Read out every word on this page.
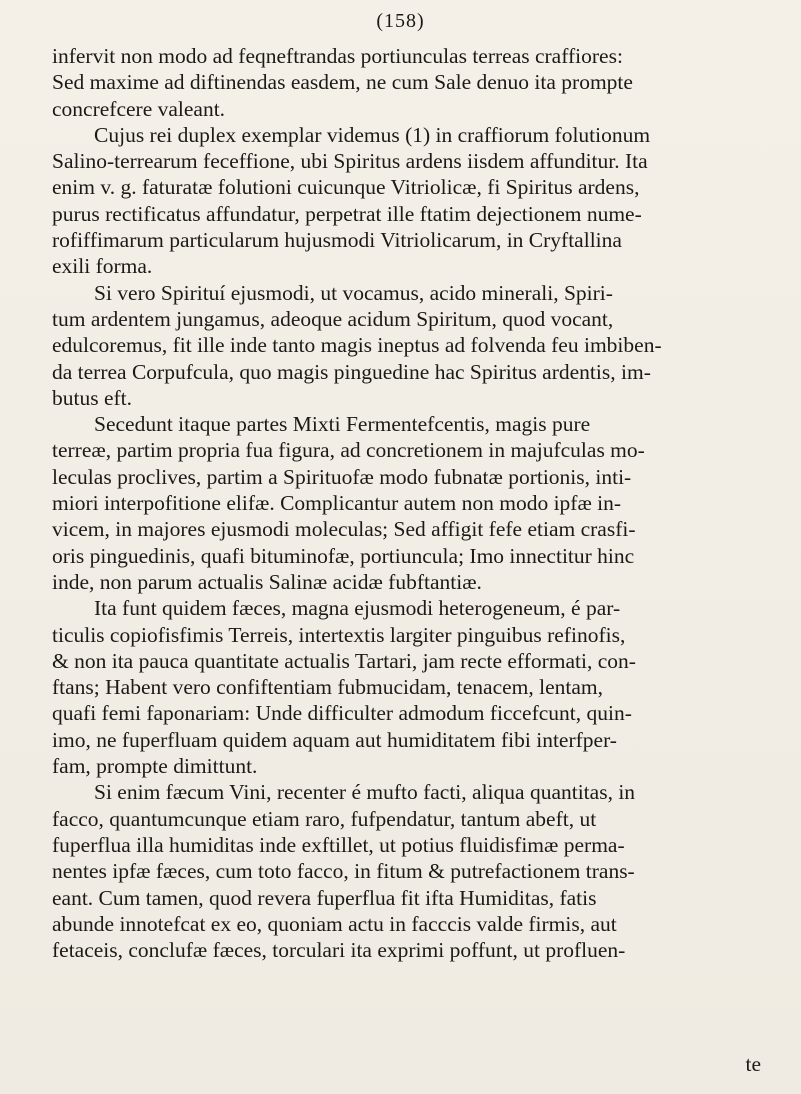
(158)
infervit non modo ad feqneftrandas portiunculas terreas craffiores:
Sed maxime ad diftinendas easdem, ne cum Sale denuo ita prompte
concrefcere valeant.
Cujus rei duplex exemplar videmus (1) in craffiorum folutionum
Salino-terrearum feceffione, ubi Spiritus ardens iisdem affunditur. Ita
enim v. g. faturatæ folutioni cuicunque Vitriolicæ, fi Spiritus ardens,
purus rectificatus affundatur, perpetrat ille ftatim dejectionem nume-
rofiffimarum particularum hujusmodi Vitriolicarum, in Cryftallina
exili forma.
Si vero Spirituí ejusmodi, ut vocamus, acido minerali, Spiri-
tum ardentem jungamus, adeoque acidum Spiritum, quod vocant,
edulcoremus, fit ille inde tanto magis ineptus ad folvenda feu imbiben-
da terrea Corpufcula, quo magis pinguedine hac Spiritus ardentis, im-
butus eft.
Secedunt itaque partes Mixti Fermentefcentis, magis pure
terreæ, partim propria fua figura, ad concretionem in majufculas mo-
leculas proclives, partim a Spirituofæ modo fubnatæ portionis, inti-
miori interpofitione elifæ. Complicantur autem non modo ipfæ in-
vicem, in majores ejusmodi moleculas; Sed affigit fefe etiam crasfi-
oris pinguedinis, quafi bituminofæ, portiuncula; Imo innectitur hinc
inde, non parum actualis Salinæ acidæ fubftantiæ.
Ita funt quidem fæces, magna ejusmodi heterogeneum, é par-
ticulis copiofisfimis Terreis, intertextis largiter pinguibus refinofis,
& non ita pauca quantitate actualis Tartari, jam recte efformati, con-
ftans; Habent vero confiftentiam fubmucidam, tenacem, lentam,
quafi femi faponariam: Unde difficulter admodum ficcefcunt, quin-
imo, ne fuperfluam quidem aquam aut humiditatem fibi interfper-
fam, prompte dimittunt.
Si enim fæcum Vini, recenter é mufto facti, aliqua quantitas, in
facco, quantumcunque etiam raro, fufpendatur, tantum abeft, ut
fuperflua illa humiditas inde exftillet, ut potius fluidisfimæ perma-
nentes ipfæ fæces, cum toto facco, in fitum & putrefactionem trans-
eant. Cum tamen, quod revera fuperflua fit ifta Humiditas, fatis
abunde innotefcat ex eo, quoniam actu in facccis valde firmis, aut
fetaceis, conclufæ fæces, torculari ita exprimi poffunt, ut profluen-
te
